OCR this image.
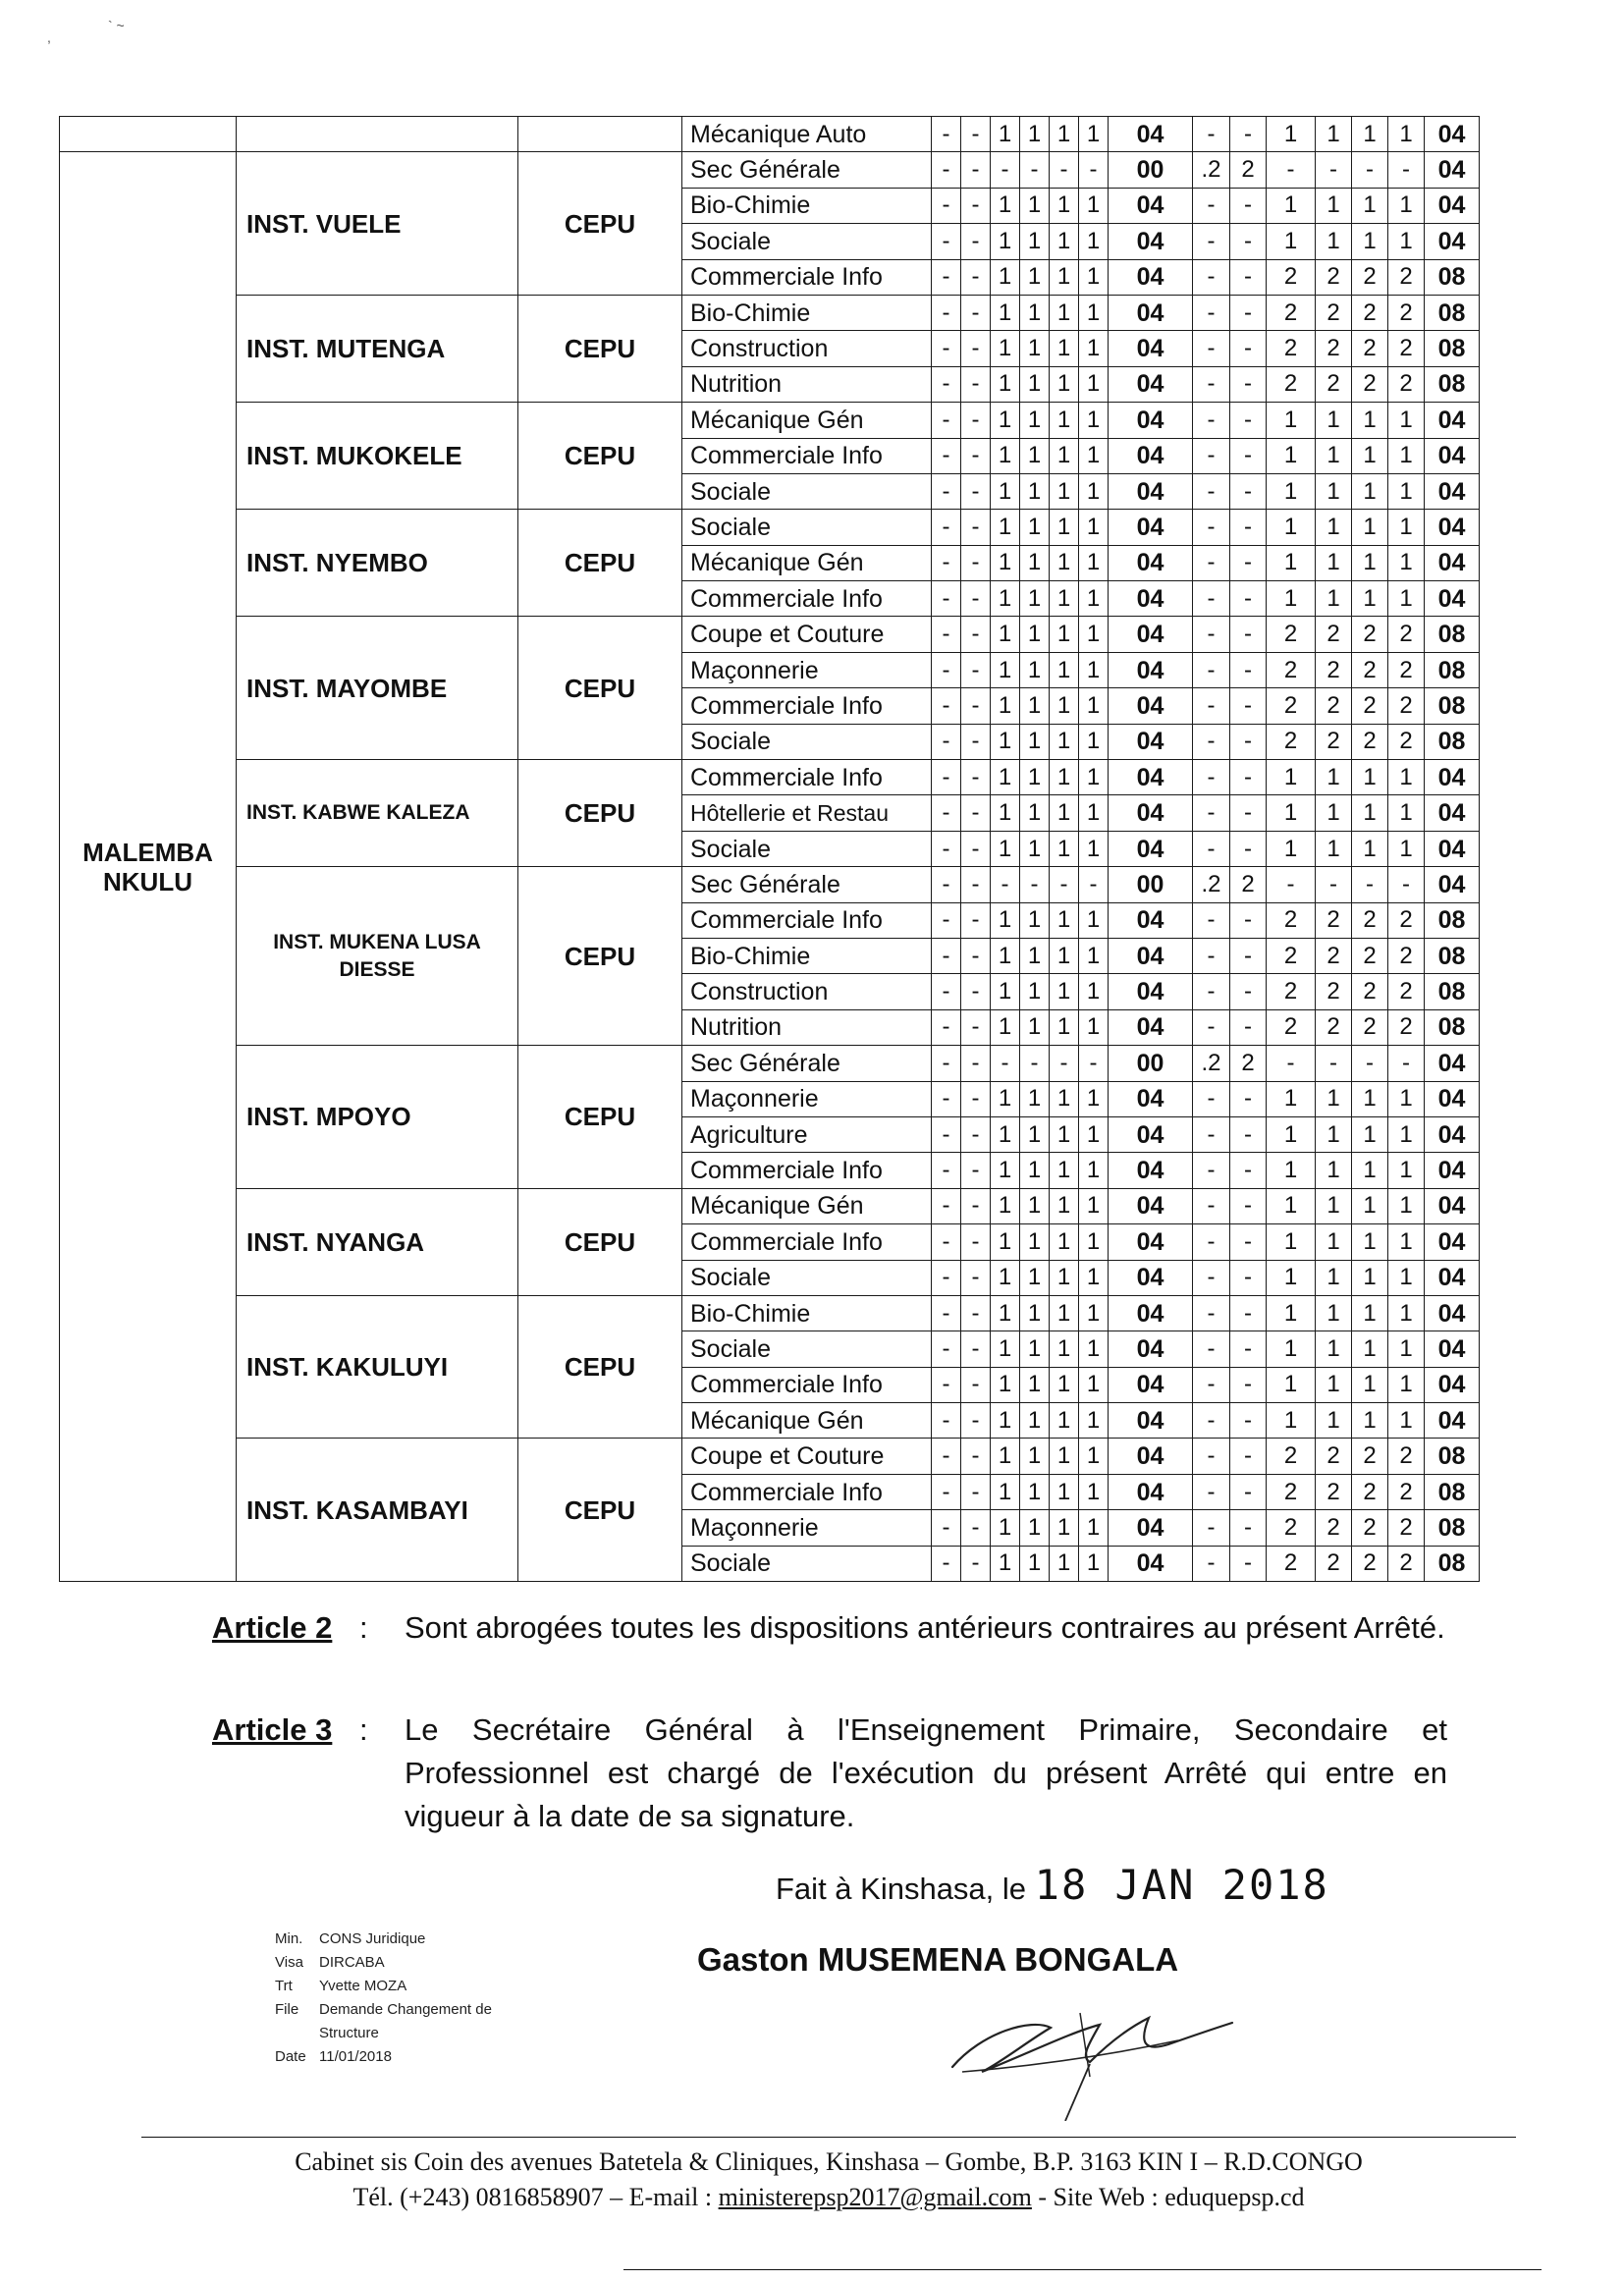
,
` ~
			Mécanique Auto	-	-	1	1	1	1	04	-	-	1	1	1	1	04
MALEMBA NKULU	INST. VUELE	CEPU	Sec Générale	-	-	-	-	-	-	00	.2	2	-	-	-	-	04
			Bio-Chimie	-	-	1	1	1	1	04	-	-	1	1	1	1	04
			Sociale	-	-	1	1	1	1	04	-	-	1	1	1	1	04
			Commerciale Info	-	-	1	1	1	1	04	-	-	2	2	2	2	08
	INST. MUTENGA	CEPU	Bio-Chimie	-	-	1	1	1	1	04	-	-	2	2	2	2	08
			Construction	-	-	1	1	1	1	04	-	-	2	2	2	2	08
			Nutrition	-	-	1	1	1	1	04	-	-	2	2	2	2	08
	INST. MUKOKELE	CEPU	Mécanique Gén	-	-	1	1	1	1	04	-	-	1	1	1	1	04
			Commerciale Info	-	-	1	1	1	1	04	-	-	1	1	1	1	04
			Sociale	-	-	1	1	1	1	04	-	-	1	1	1	1	04
	INST. NYEMBO	CEPU	Sociale	-	-	1	1	1	1	04	-	-	1	1	1	1	04
			Mécanique Gén	-	-	1	1	1	1	04	-	-	1	1	1	1	04
			Commerciale Info	-	-	1	1	1	1	04	-	-	1	1	1	1	04
	INST. MAYOMBE	CEPU	Coupe et Couture	-	-	1	1	1	1	04	-	-	2	2	2	2	08
			Maçonnerie	-	-	1	1	1	1	04	-	-	2	2	2	2	08
			Commerciale Info	-	-	1	1	1	1	04	-	-	2	2	2	2	08
			Sociale	-	-	1	1	1	1	04	-	-	2	2	2	2	08
	INST. KABWE KALEZA	CEPU	Commerciale Info	-	-	1	1	1	1	04	-	-	1	1	1	1	04
			Hôtellerie et Restau	-	-	1	1	1	1	04	-	-	1	1	1	1	04
			Sociale	-	-	1	1	1	1	04	-	-	1	1	1	1	04
	INST. MUKENA LUSA DIESSE	CEPU	Sec Générale	-	-	-	-	-	-	00	.2	2	-	-	-	-	04
			Commerciale Info	-	-	1	1	1	1	04	-	-	2	2	2	2	08
			Bio-Chimie	-	-	1	1	1	1	04	-	-	2	2	2	2	08
			Construction	-	-	1	1	1	1	04	-	-	2	2	2	2	08
			Nutrition	-	-	1	1	1	1	04	-	-	2	2	2	2	08
	INST. MPOYO	CEPU	Sec Générale	-	-	-	-	-	-	00	.2	2	-	-	-	-	04
			Maçonnerie	-	-	1	1	1	1	04	-	-	1	1	1	1	04
			Agriculture	-	-	1	1	1	1	04	-	-	1	1	1	1	04
			Commerciale Info	-	-	1	1	1	1	04	-	-	1	1	1	1	04
	INST. NYANGA	CEPU	Mécanique Gén	-	-	1	1	1	1	04	-	-	1	1	1	1	04
			Commerciale Info	-	-	1	1	1	1	04	-	-	1	1	1	1	04
			Sociale	-	-	1	1	1	1	04	-	-	1	1	1	1	04
	INST. KAKULUYI	CEPU	Bio-Chimie	-	-	1	1	1	1	04	-	-	1	1	1	1	04
			Sociale	-	-	1	1	1	1	04	-	-	1	1	1	1	04
			Commerciale Info	-	-	1	1	1	1	04	-	-	1	1	1	1	04
			Mécanique Gén	-	-	1	1	1	1	04	-	-	1	1	1	1	04
	INST. KASAMBAYI	CEPU	Coupe et Couture	-	-	1	1	1	1	04	-	-	2	2	2	2	08
			Commerciale Info	-	-	1	1	1	1	04	-	-	2	2	2	2	08
			Maçonnerie	-	-	1	1	1	1	04	-	-	2	2	2	2	08
			Sociale	-	-	1	1	1	1	04	-	-	2	2	2	2	08
Article 2 : Sont abrogées toutes les dispositions antérieurs contraires au présent Arrêté.
Article 3 : Le Secrétaire Général à l'Enseignement Primaire, Secondaire et Professionnel est chargé de l'exécution du présent Arrêté qui entre en vigueur à la date de sa signature.
Fait à Kinshasa, le 18 JAN 2018
Gaston MUSEMENA BONGALA
Min.	CONS Juridique
Visa	DIRCABA
Trt	Yvette MOZA
File	Demande Changement de
Structure
Date 11/01/2018
Cabinet sis Coin des avenues Batetela & Cliniques, Kinshasa – Gombe, B.P. 3163 KIN I – R.D.CONGO
Tél. (+243) 0816858907 – E-mail : ministerepsp2017@gmail.com - Site Web : eduquepsp.cd
